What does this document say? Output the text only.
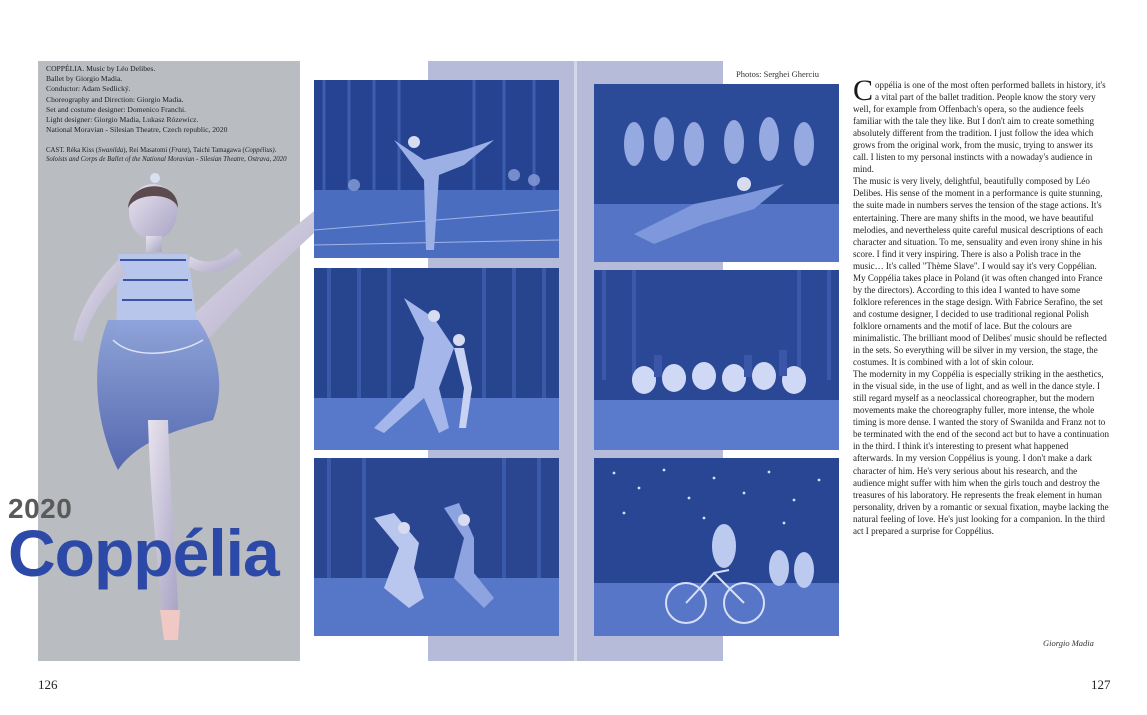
COPPÉLIA. Music by Léo Delibes.
Ballet by Giorgio Madia.
Conductor: Adam Sedlický.
Choreography and Direction: Giorgio Madia.
Set and costume designer: Domenico Franchi.
Light designer: Giorgio Madia, Lukasz Rózewicz.
National Moravian - Silesian Theatre, Czech republic, 2020
CAST. Réka Kiss (Swanilda), Rei Masatomi (Franz), Taichi Tamagawa (Coppélius). Soloists and Corps de Ballet of the National Moravian - Silesian Theatre, Ostrava, 2020
2020
Coppélia
Photos: Serghei Gherciu Coppélia is one of the most often performed ballets in history, it's a vital part of the ballet tradition. People know the story very well, for example from Offenbach's opera, so the audience feels familiar with the tale they like. But I don't aim to create something absolutely different from the tradition. I just follow the idea which grows from the original work, from the music, trying to answer its call. I listen to my personal instincts with a nowaday's audience in mind.

The music is very lively, delightful, beautifully composed by Léo Delibes. His sense of the moment in a performance is quite stunning, the suite made in numbers serves the tension of the stage actions. It's entertaining. There are many shifts in the mood, we have beautiful melodies, and nevertheless quite careful musical descriptions of each character and situation. To me, sensuality and even irony shine in his score. I find it very inspiring. There is also a Polish trace in the music… It's called "Thème Slave". I would say it's very Coppélian.

My Coppélia takes place in Poland (it was often changed into France by the directors). According to this idea I wanted to have some folklore references in the stage design. With Fabrice Serafino, the set and costume designer, I decided to use traditional regional Polish folklore ornaments and the motif of lace. But the colours are minimalistic. The brilliant mood of Delibes' music should be reflected in the sets. So everything will be silver in my version, the stage, the costumes. It is combined with a lot of skin colour.

The modernity in my Coppélia is especially striking in the aesthetics, in the visual side, in the use of light, and as well in the dance style. I still regard myself as a neoclassical choreographer, but the modern movements make the choreography fuller, more intense, the whole timing is more dense. I wanted the story of Swanilda and Franz not to be terminated with the end of the second act but to have a continuation in the third. I think it's interesting to present what happened afterwards. In my version Coppélius is young. I don't make a dark character of him. He's very serious about his research, and the audience might suffer with him when the girls touch and destroy the treasures of his laboratory. He represents the freak element in human personality, driven by a romantic or sexual fixation, maybe lacking the natural feeling of love. He's just looking for a companion. In the third act I prepared a surprise for Coppélius.

Giorgio Madia
126	127
